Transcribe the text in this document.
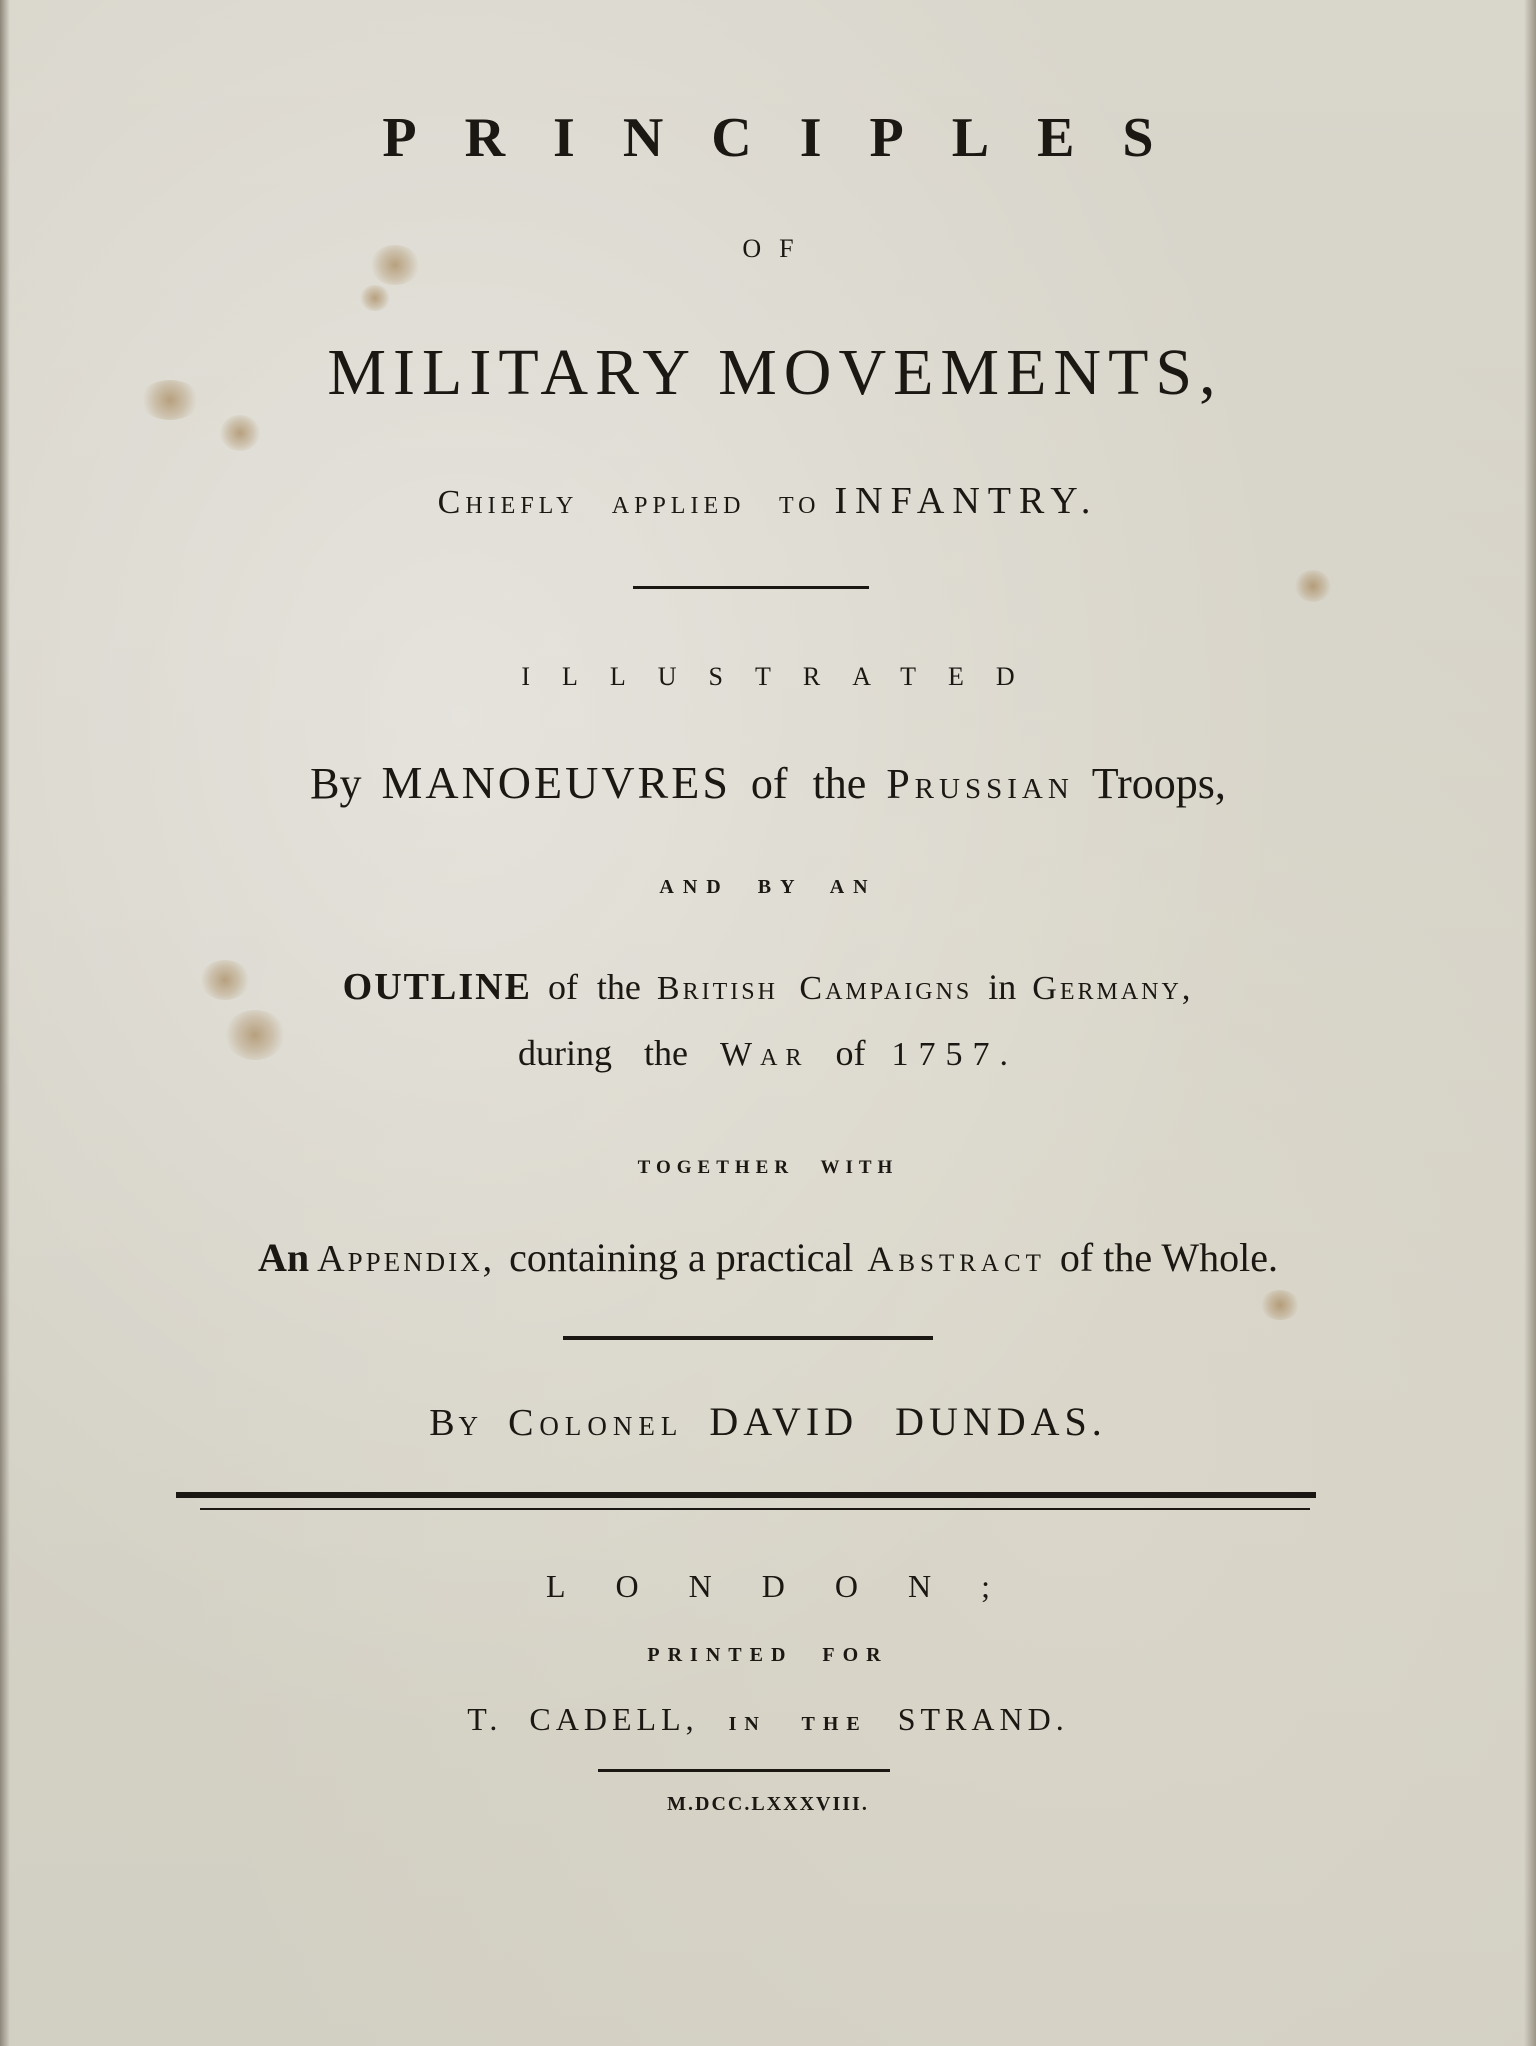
PRINCIPLES
OF
MILITARY MOVEMENTS,
Chiefly applied to INFANTRY.
ILLUSTRATED
By MANOEUVRES of the Prussian Troops,
AND BY AN
OUTLINE of the British Campaigns in Germany,
during the War of 1757.
TOGETHER WITH
An Appendix, containing a practical Abstract of the Whole.
By Colonel DAVID DUNDAS.
LONDON;
PRINTED FOR
T. CADELL, IN THE STRAND.
M.DCC.LXXXVIII.
